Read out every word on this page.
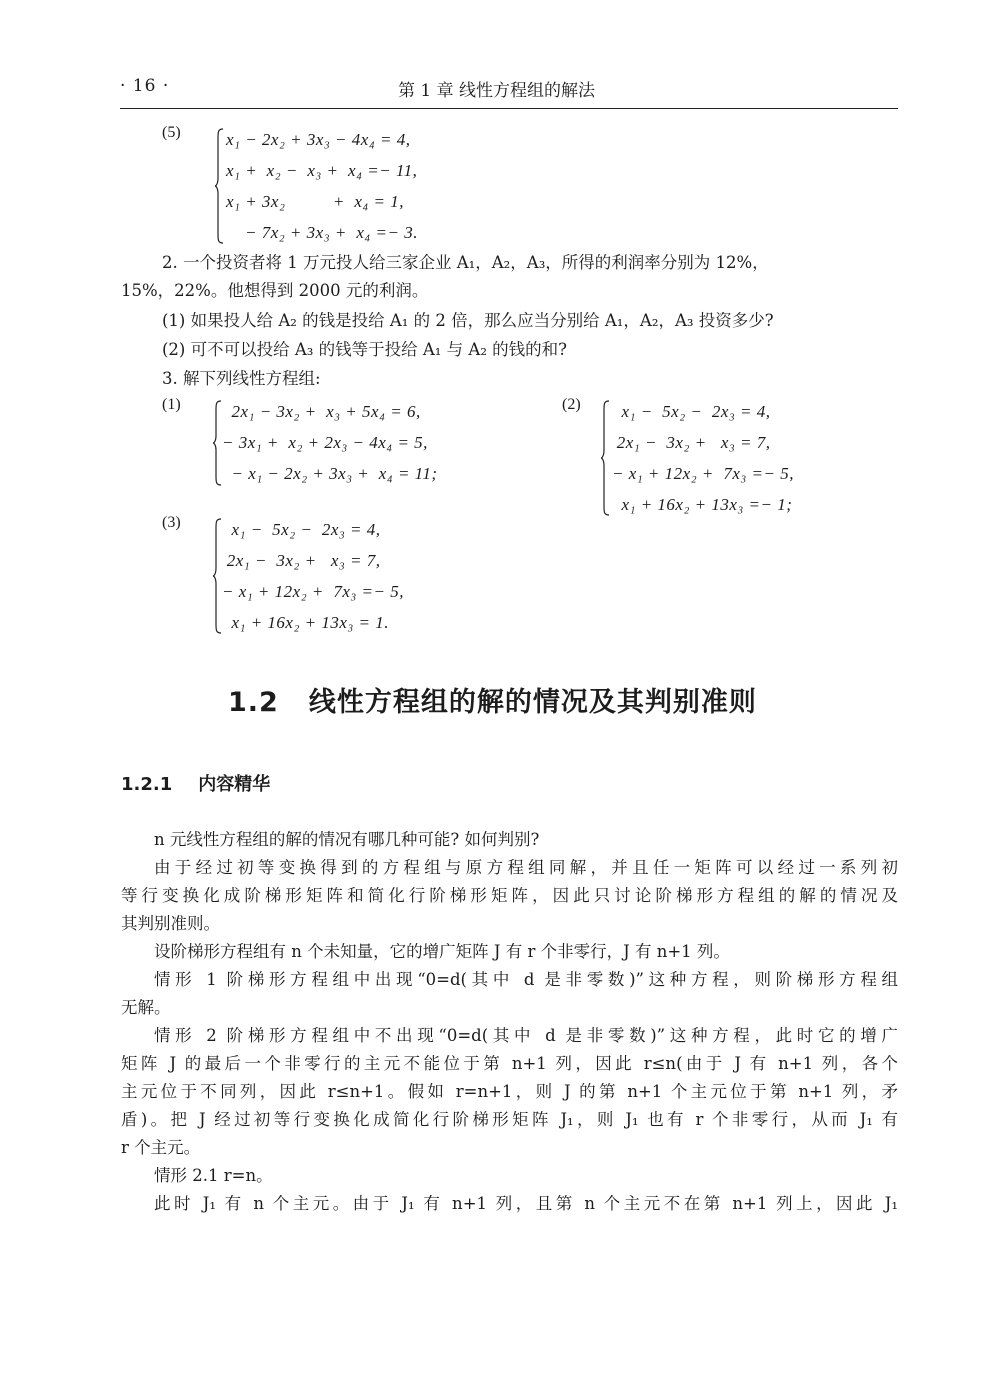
· 16 ·	第 1 章 线性方程组的解法
(5)	x₁ − 2x₂ + 3x₃ − 4x₄ = 4,
x₁ +  x₂ −  x₃ +  x₄ =− 11,
x₁ + 3x₂          +  x₄ = 1,
− 7x₂ + 3x₃ +  x₄ =− 3.
2. 一个投资者将 1 万元投人给三家企业 A₁，A₂，A₃，所得的利润率分别为 12%，
15%，22%。他想得到 2000 元的利润。
(1) 如果投人给 A₂ 的钱是投给 A₁ 的 2 倍，那么应当分别给 A₁，A₂，A₃ 投资多少?
(2) 可不可以投给 A₃ 的钱等于投给 A₁ 与 A₂ 的钱的和?
3. 解下列线性方程组:
(1) 2x₁ − 3x₂ +  x₃ + 5x₄ = 6,
− 3x₁ +  x₂ + 2x₃ − 4x₄ = 5,
− x₁ − 2x₂ + 3x₃ +  x₄ = 11;
(2) x₁ −  5x₂ −  2x₃ = 4,
2x₁ −  3x₂ +   x₃ = 7,
− x₁ + 12x₂ +  7x₃ =− 5,
x₁ + 16x₂ + 13x₃ =− 1;
(3) x₁ −  5x₂ −  2x₃ = 4,
2x₁ −  3x₂ +   x₃ = 7,
− x₁ + 12x₂ +  7x₃ =− 5,
x₁ + 16x₂ + 13x₃ = 1.
1.2 线性方程组的解的情况及其判别准则
1.2.1 内容精华

n 元线性方程组的解的情况有哪几种可能? 如何判别?

由于经过初等变换得到的方程组与原方程组同解，并且任一矩阵可以经过一系列初

等行变换化成阶梯形矩阵和简化行阶梯形矩阵，因此只讨论阶梯形方程组的解的情况及

其判别准则。

设阶梯形方程组有 n 个未知量，它的增广矩阵 J 有 r 个非零行，J 有 n+1 列。

情形 1 阶梯形方程组中出现“0=d(其中 d 是非零数)”这种方程，则阶梯形方程组

无解。

情形 2 阶梯形方程组中不出现“0=d(其中 d 是非零数)”这种方程，此时它的增广

矩阵 J 的最后一个非零行的主元不能位于第 n+1 列，因此 r≤n(由于 J 有 n+1 列，各个

主元位于不同列，因此 r≤n+1。假如 r=n+1，则 J 的第 n+1 个主元位于第 n+1 列，矛

盾)。把 J 经过初等行变换化成简化行阶梯形矩阵 J₁，则 J₁ 也有 r 个非零行，从而 J₁ 有

r 个主元。

情形 2.1 r=n。

此时 J₁ 有 n 个主元。由于 J₁ 有 n+1 列，且第 n 个主元不在第 n+1 列上，因此 J₁
